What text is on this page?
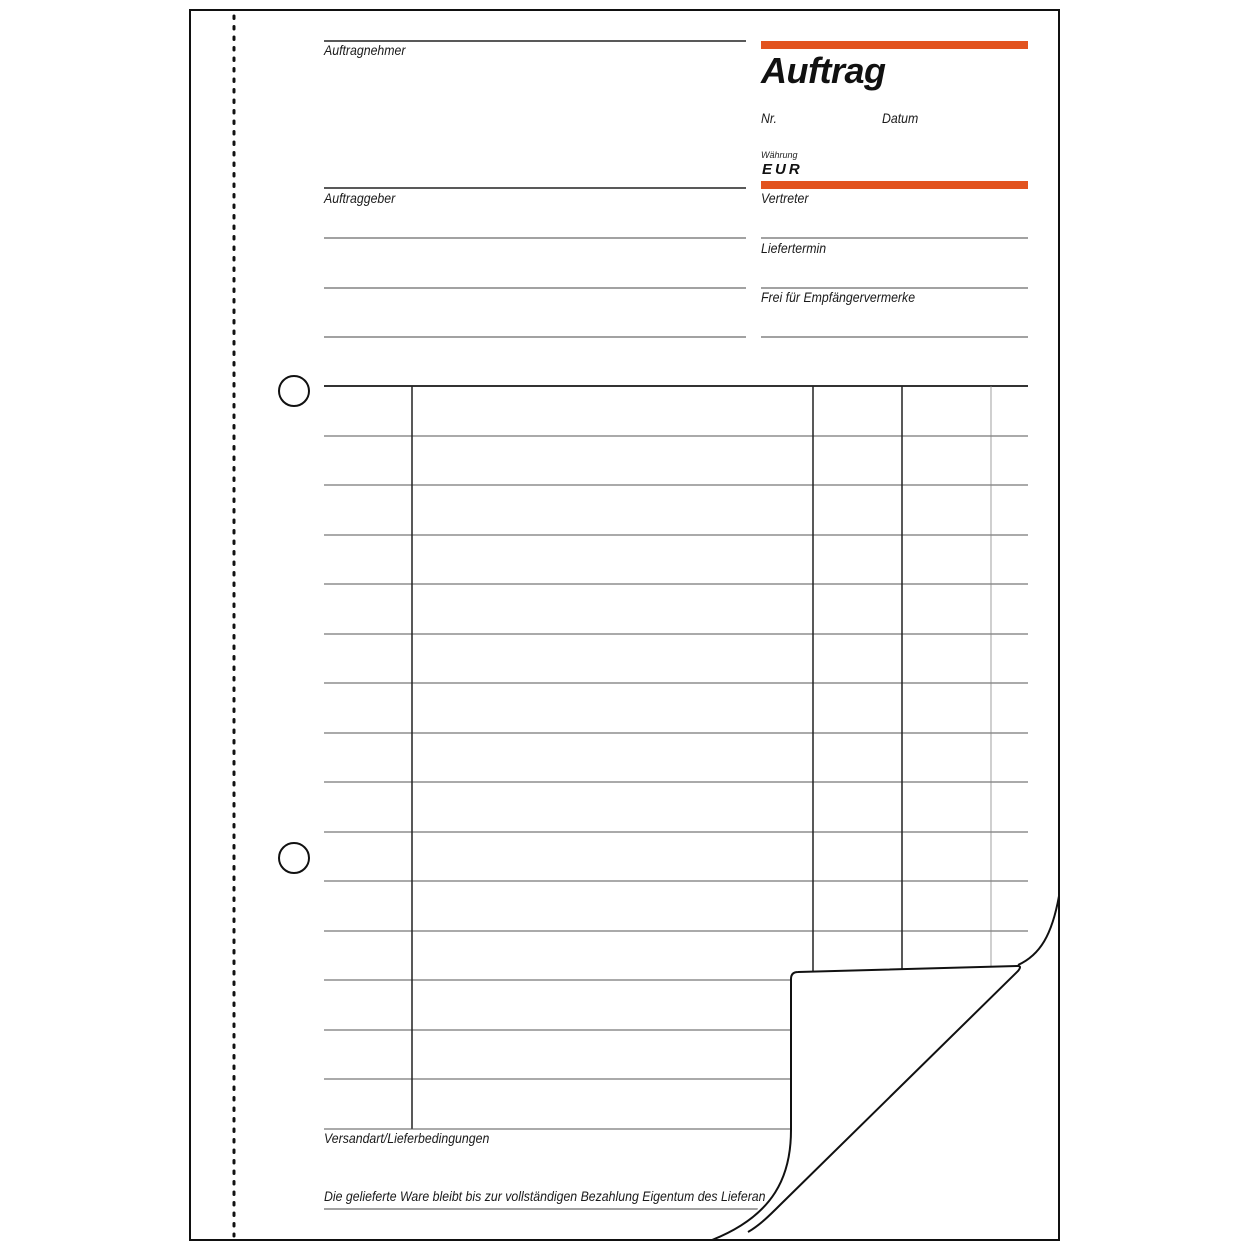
Auftrag
Nr.	Datum
Währung
EUR
Auftragnehmer
Auftraggeber	Vertreter
Liefertermin
Frei für Empfängervermerke
Versandart/Lieferbedingungen
Die gelieferte Ware bleibt bis zur vollständigen Bezahlung Eigentum des Lieferan
